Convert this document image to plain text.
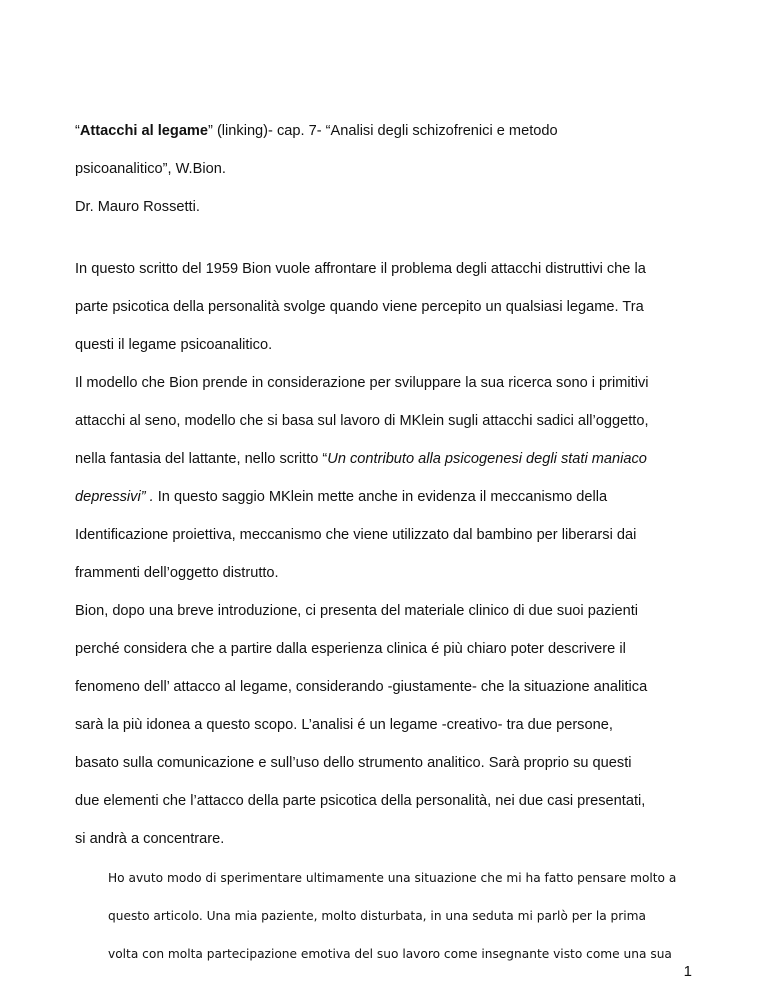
“Attacchi al legame” (linking)- cap. 7- “Analisi degli schizofrenici e metodo
psicoanalitico”, W.Bion.
Dr. Mauro Rossetti.
In questo scritto del 1959 Bion vuole affrontare il problema degli attacchi distruttivi che la
parte psicotica della personalità svolge quando viene percepito un qualsiasi legame. Tra
questi il legame psicoanalitico.
Il modello che Bion prende in considerazione per sviluppare la sua ricerca sono i primitivi
attacchi al seno, modello che si basa sul lavoro di MKlein sugli attacchi sadici all’oggetto,
nella fantasia del lattante, nello scritto “Un contributo alla psicogenesi degli stati maniaco
depressivi” . In questo saggio MKlein mette anche in evidenza il meccanismo della
Identificazione proiettiva, meccanismo che viene utilizzato dal bambino per liberarsi dai
frammenti dell’oggetto distrutto.
Bion, dopo una breve introduzione, ci presenta del materiale clinico di due suoi pazienti
perché considera che a partire dalla esperienza clinica é più chiaro poter descrivere il
fenomeno dell’ attacco al legame, considerando -giustamente- che la situazione analitica
sarà la più idonea a questo scopo. L’analisi é un legame -creativo- tra due persone,
basato sulla comunicazione e sull’uso dello strumento analitico. Sarà proprio su questi
due elementi che l’attacco della parte psicotica della personalità, nei due casi presentati,
si andrà a concentrare.
Ho avuto modo di sperimentare ultimamente una situazione che mi ha fatto pensare molto a
questo articolo. Una mia paziente, molto disturbata, in una seduta mi parlò per la prima
volta con molta partecipazione emotiva del suo lavoro come insegnante visto come una sua
1
